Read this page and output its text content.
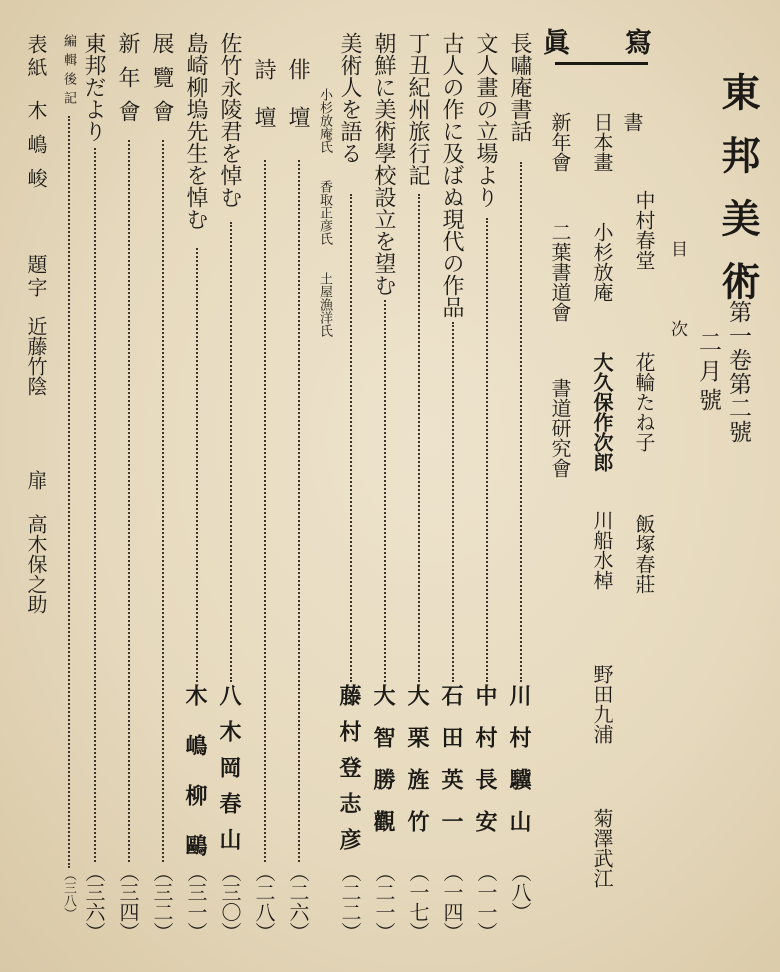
東邦美術
第一卷第二號
二月號
目
次
寫
眞
書
中村春堂
花輪たね子
飯塚春莊
川船水棹
野田九浦
菊澤武江
日本畫
小杉放庵
大久保作次郎
新年會
二葉書道會
書道研究會
長嘯庵書話
川村驥山
（八）
文人畫の立場より
中村長安
（一一）
古人の作に及ばぬ現代の作品
石田英一
（一四）
丁丑紀州旅行記
大栗旌竹
（一七）
朝鮮に美術學校設立を望む
大智勝觀
（二一）
美術人を語る
藤村登志彦
（二二）
小杉放庵氏
香取正彦氏
土屋漁洋氏
俳壇
（二六）
詩壇
（二八）
佐竹永陵君を悼む
八木岡春山
（三〇）
島崎柳塢先生を悼む
木嶋柳鷗
（三一）
展覽會
（三二）
新年會
（三四）
東邦だより
（三六）
編輯後記
（三八）
表紙
木嶋峻
題字
近藤竹陰
扉
高木保之助
